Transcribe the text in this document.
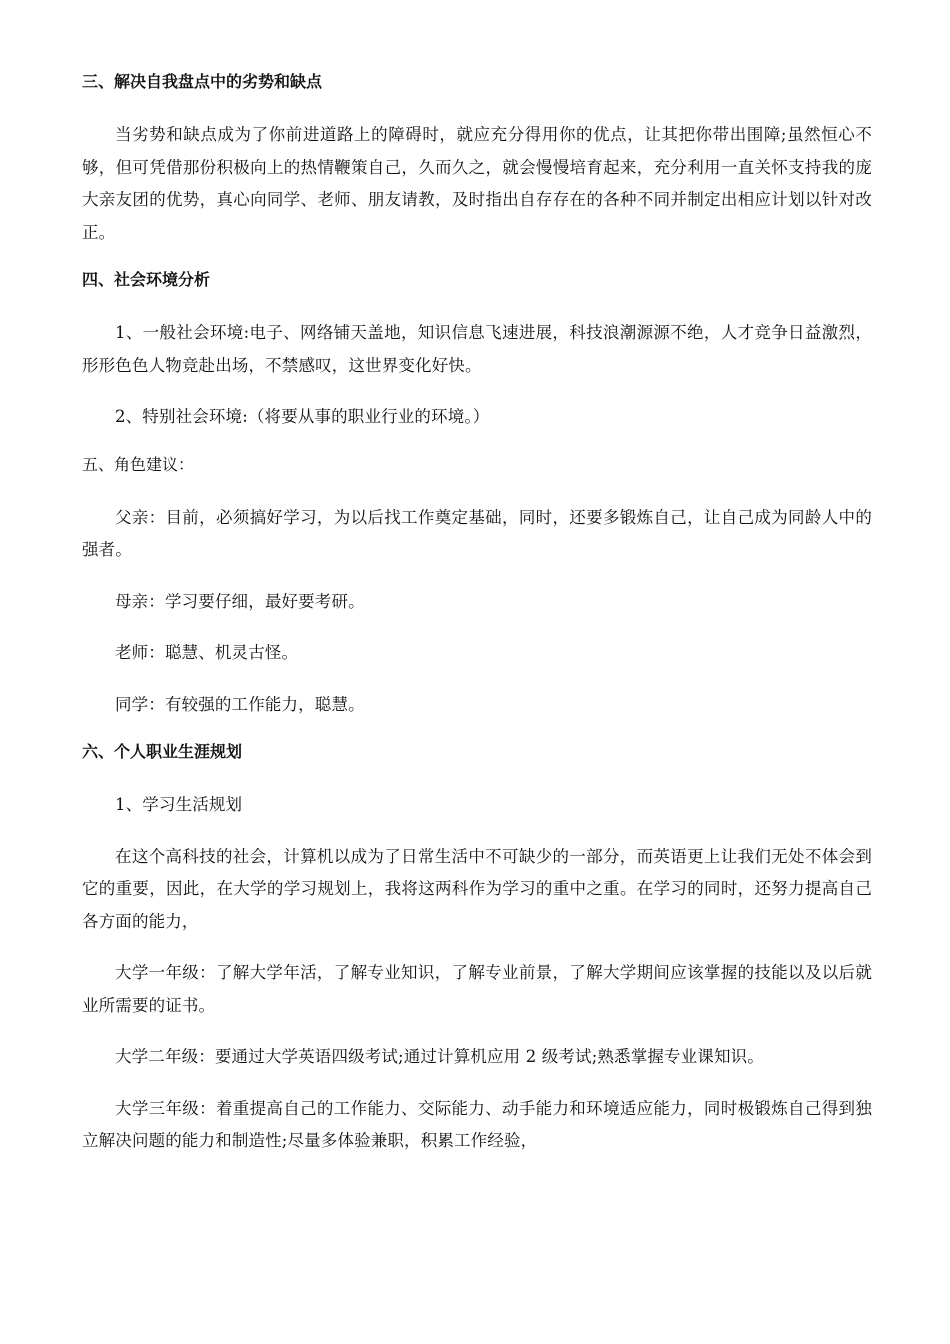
三、解决自我盘点中的劣势和缺点

当劣势和缺点成为了你前进道路上的障碍时，就应充分得用你的优点，让其把你带出围障;虽然恒心不够，但可凭借那份积极向上的热情鞭策自己，久而久之，就会慢慢培育起来，充分利用一直关怀支持我的庞大亲友团的优势，真心向同学、老师、朋友请教，及时指出自存存在的各种不同并制定出相应计划以针对改正。

四、社会环境分析

1、一般社会环境:电子、网络铺天盖地，知识信息飞速进展，科技浪潮源源不绝，人才竞争日益激烈，形形色色人物竞赴出场，不禁感叹，这世界变化好快。

2、特别社会环境:（将要从事的职业行业的环境。）

五、角色建议：

父亲：目前，必须搞好学习，为以后找工作奠定基础，同时，还要多锻炼自己，让自己成为同龄人中的强者。

母亲：学习要仔细，最好要考研。

老师：聪慧、机灵古怪。

同学：有较强的工作能力，聪慧。

六、个人职业生涯规划

1、学习生活规划

在这个高科技的社会，计算机以成为了日常生活中不可缺少的一部分，而英语更上让我们无处不体会到它的重要，因此，在大学的学习规划上，我将这两科作为学习的重中之重。在学习的同时，还努力提高自己各方面的能力，

大学一年级：了解大学年活，了解专业知识，了解专业前景，了解大学期间应该掌握的技能以及以后就业所需要的证书。

大学二年级：要通过大学英语四级考试;通过计算机应用 2 级考试;熟悉掌握专业课知识。

大学三年级：着重提高自己的工作能力、交际能力、动手能力和环境适应能力，同时极锻炼自己得到独立解决问题的能力和制造性;尽量多体验兼职，积累工作经验，
